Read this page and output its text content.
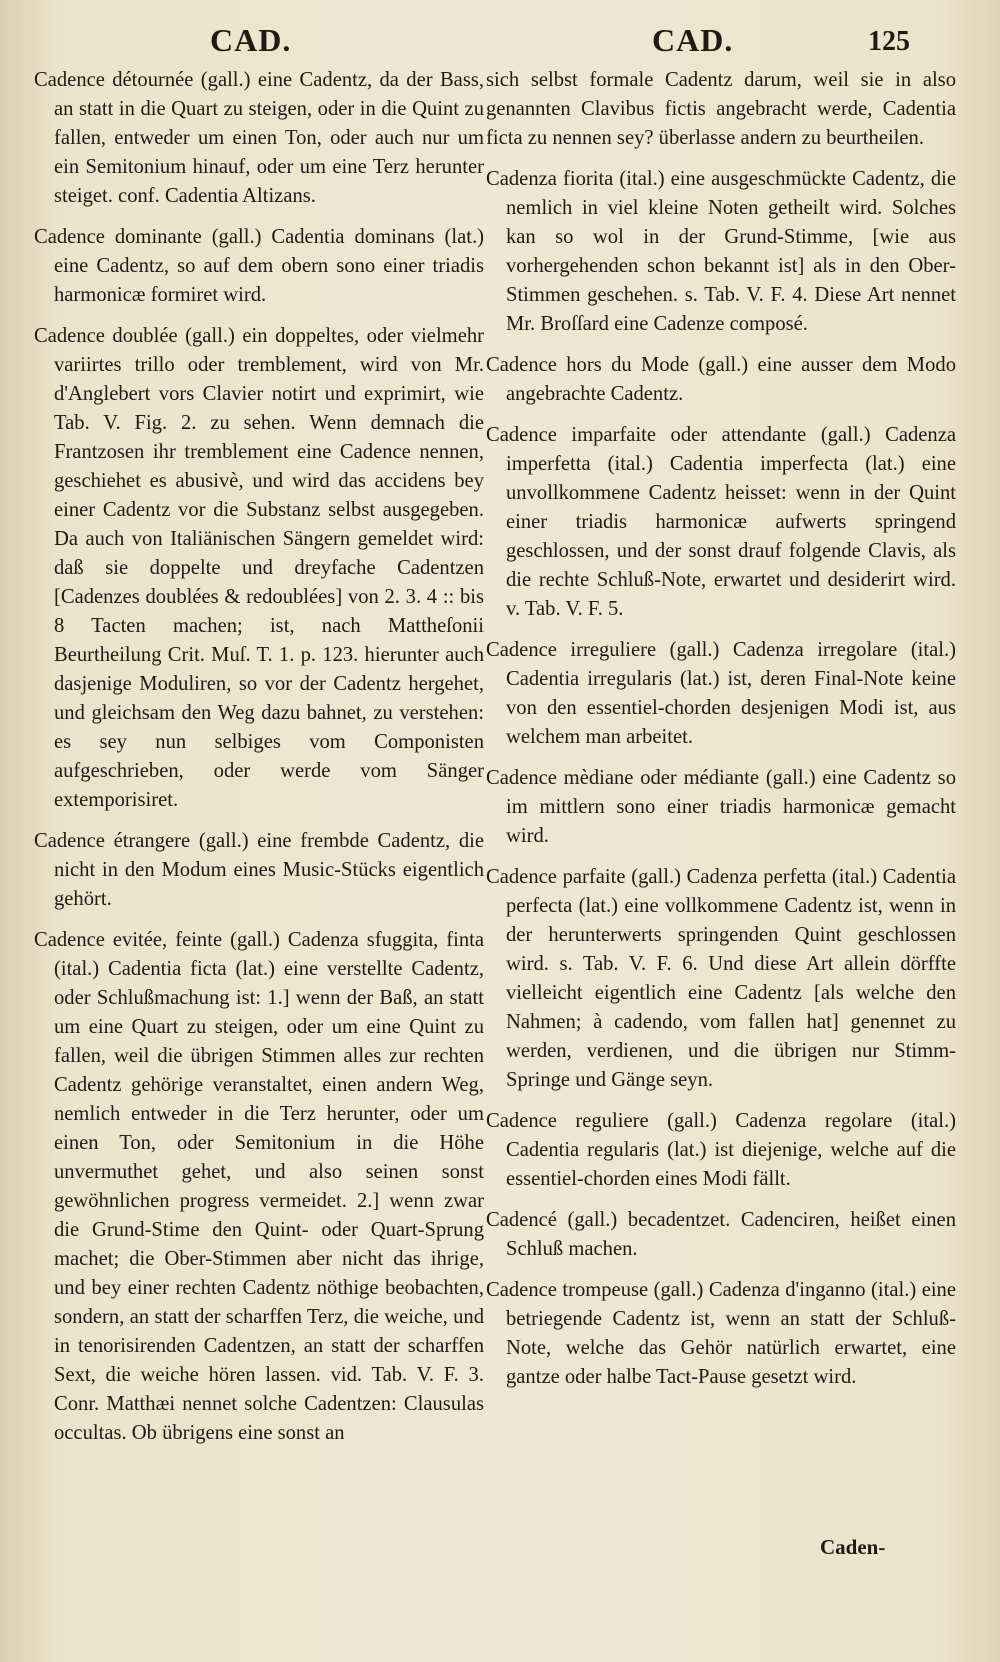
CAD.	CAD.	125

Cadence détournée (gall.) eine Cadentz, da der Bass, an statt in die Quart zu steigen, oder in die Quint zu fallen, entweder um einen Ton, oder auch nur um ein Semitonium hinauf, oder um eine Terz herunter steiget. conf. Cadentia Altizans.

Cadence dominante (gall.) Cadentia dominans (lat.) eine Cadentz, so auf dem obern sono einer triadis harmonicæ formiret wird.

Cadence doublée (gall.) ein doppeltes, oder vielmehr variirtes trillo oder tremblement, wird von Mr. d'Anglebert vors Clavier notirt und exprimirt, wie Tab. V. Fig. 2. zu sehen. Wenn demnach die Frantzosen ihr tremblement eine Cadence nennen, geschiehet es abusivè, und wird das accidens bey einer Cadentz vor die Substanz selbst ausgegeben. Da auch von Italiänischen Sängern gemeldet wird: daß sie doppelte und dreyfache Cadentzen [Cadenzes doublées & redoublées] von 2. 3. 4 :: bis 8 Tacten machen; ist, nach Mattheſonii Beurtheilung Crit. Muſ. T. 1. p. 123. hierunter auch dasjenige Moduliren, so vor der Cadentz hergehet, und gleichsam den Weg dazu bahnet, zu verstehen: es sey nun selbiges vom Componisten aufgeschrieben, oder werde vom Sänger extemporisiret.

Cadence étrangere (gall.) eine frembde Cadentz, die nicht in den Modum eines Music-Stücks eigentlich gehört.

Cadence evitée, feinte (gall.) Cadenza sfuggita, finta (ital.) Cadentia ficta (lat.) eine verstellte Cadentz, oder Schlußmachung ist: 1.] wenn der Baß, an statt um eine Quart zu steigen, oder um eine Quint zu fallen, weil die übrigen Stimmen alles zur rechten Cadentz gehörige veranstaltet, einen andern Weg, nemlich entweder in die Terz herunter, oder um einen Ton, oder Semitonium in die Höhe unvermuthet gehet, und also seinen sonst gewöhnlichen progress vermeidet. 2.] wenn zwar die Grund-Stime den Quint- oder Quart-Sprung machet; die Ober-Stimmen aber nicht das ihrige, und bey einer rechten Cadentz nöthige beobachten, sondern, an statt der scharffen Terz, die weiche, und in tenorisirenden Cadentzen, an statt der scharffen Sext, die weiche hören lassen. vid. Tab. V. F. 3. Conr. Matthæi nennet solche Cadentzen: Clausulas occultas. Ob übrigens eine sonst an

sich selbst formale Cadentz darum, weil sie in also genannten Clavibus fictis angebracht werde, Cadentia ficta zu nennen sey? überlasse andern zu beurtheilen.

Cadenza fiorita (ital.) eine ausgeschmückte Cadentz, die nemlich in viel kleine Noten getheilt wird. Solches kan so wol in der Grund-Stimme, [wie aus vorhergehenden schon bekannt ist] als in den Ober-Stimmen geschehen. s. Tab. V. F. 4. Diese Art nennet Mr. Broſſard eine Cadenze composé.

Cadence hors du Mode (gall.) eine ausser dem Modo angebrachte Cadentz.

Cadence imparfaite oder attendante (gall.) Cadenza imperfetta (ital.) Cadentia imperfecta (lat.) eine unvollkommene Cadentz heisset: wenn in der Quint einer triadis harmonicæ aufwerts springend geschlossen, und der sonst drauf folgende Clavis, als die rechte Schluß-Note, erwartet und desiderirt wird. v. Tab. V. F. 5.

Cadence irreguliere (gall.) Cadenza irregolare (ital.) Cadentia irregularis (lat.) ist, deren Final-Note keine von den essentiel-chorden desjenigen Modi ist, aus welchem man arbeitet.

Cadence mèdiane oder médiante (gall.) eine Cadentz so im mittlern sono einer triadis harmonicæ gemacht wird.

Cadence parfaite (gall.) Cadenza perfetta (ital.) Cadentia perfecta (lat.) eine vollkommene Cadentz ist, wenn in der herunterwerts springenden Quint geschlossen wird. s. Tab. V. F. 6. Und diese Art allein dörffte vielleicht eigentlich eine Cadentz [als welche den Nahmen; à cadendo, vom fallen hat] genennet zu werden, verdienen, und die übrigen nur Stimm-Springe und Gänge seyn.

Cadence reguliere (gall.) Cadenza regolare (ital.) Cadentia regularis (lat.) ist diejenige, welche auf die essentiel-chorden eines Modi fällt.

Cadencé (gall.) becadentzet. Cadenciren, heißet einen Schluß machen.

Cadence trompeuse (gall.) Cadenza d'inganno (ital.) eine betriegende Cadentz ist, wenn an statt der Schluß-Note, welche das Gehör natürlich erwartet, eine gantze oder halbe Tact-Pause gesetzt wird.

Caden-
